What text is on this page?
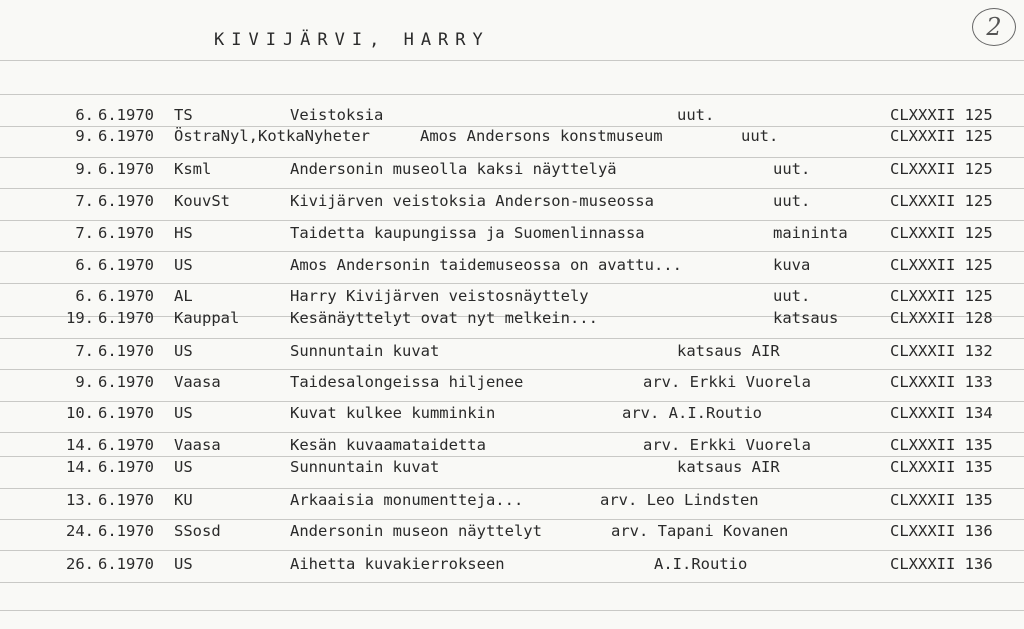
KIVIJÄRVI, HARRY	2
6. 6.1970 TS	Veistoksia	uut.	CLXXXII 125
9. 6.1970 ÖstraNyl,KotkaNyheter	Amos Andersons konstmuseum	uut.	CLXXXII 125
9. 6.1970 Ksml	Andersonin museolla kaksi näyttelyä	uut.	CLXXXII 125
7. 6.1970 KouvSt	Kivijärven veistoksia Anderson-museossa	uut.	CLXXXII 125
7. 6.1970 HS	Taidetta kaupungissa ja Suomenlinnassa	maininta	CLXXXII 125
6. 6.1970 US	Amos Andersonin taidemuseossa on avattu...	kuva	CLXXXII 125
6. 6.1970 AL	Harry Kivijärven veistosnäyttely	uut.	CLXXXII 125
19. 6.1970 Kauppal	Kesänäyttelyt ovat nyt melkein...	katsaus	CLXXXII 128
7. 6.1970 US	Sunnuntain kuvat	katsaus AIR	CLXXXII 132
9. 6.1970 Vaasa	Taidesalongeissa hiljenee	arv. Erkki Vuorela	CLXXXII 133
10. 6.1970 US	Kuvat kulkee kumminkin	arv. A.I.Routio	CLXXXII 134
14. 6.1970 Vaasa	Kesän kuvaamataidetta	arv. Erkki Vuorela	CLXXXII 135
14. 6.1970 US	Sunnuntain kuvat	katsaus AIR	CLXXXII 135
13. 6.1970 KU	Arkaaisia monumentteja...	arv. Leo Lindsten	CLXXXII 135
24. 6.1970 SSosd	Andersonin museon näyttelyt	arv. Tapani Kovanen	CLXXXII 136
26. 6.1970 US	Aihetta kuvakierrokseen	A.I.Routio	CLXXXII 136
